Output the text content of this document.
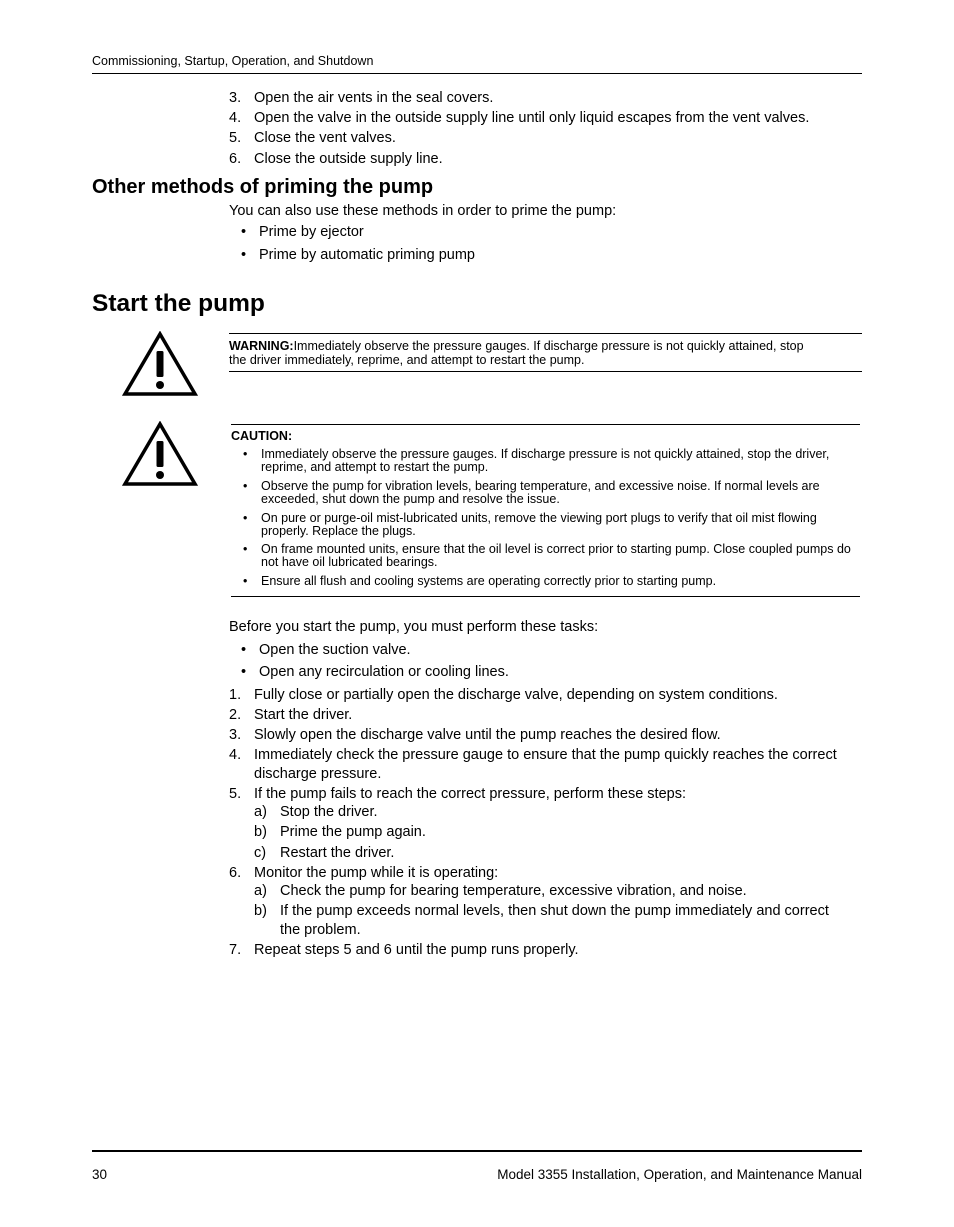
Commissioning, Startup, Operation, and Shutdown
3. Open the air vents in the seal covers.
4. Open the valve in the outside supply line until only liquid escapes from the vent valves.
5. Close the vent valves.
6. Close the outside supply line.
Other methods of priming the pump
You can also use these methods in order to prime the pump:
• Prime by ejector
• Prime by automatic priming pump
Start the pump
WARNING:Immediately observe the pressure gauges. If discharge pressure is not quickly attained, stop
the driver immediately, reprime, and attempt to restart the pump.
CAUTION:
• Immediately observe the pressure gauges. If discharge pressure is not quickly attained, stop the driver, reprime, and attempt to restart the pump.
• Observe the pump for vibration levels, bearing temperature, and excessive noise. If normal levels are exceeded, shut down the pump and resolve the issue.
• On pure or purge-oil mist-lubricated units, remove the viewing port plugs to verify that oil mist flowing properly. Replace the plugs.
• On frame mounted units, ensure that the oil level is correct prior to starting pump. Close coupled pumps do not have oil lubricated bearings.
• Ensure all flush and cooling systems are operating correctly prior to starting pump.
Before you start the pump, you must perform these tasks:
• Open the suction valve.
• Open any recirculation or cooling lines.
1. Fully close or partially open the discharge valve, depending on system conditions.
2. Start the driver.
3. Slowly open the discharge valve until the pump reaches the desired flow.
4. Immediately check the pressure gauge to ensure that the pump quickly reaches the correct
discharge pressure.
5. If the pump fails to reach the correct pressure, perform these steps:
a) Stop the driver.
b) Prime the pump again.
c) Restart the driver.
6. Monitor the pump while it is operating:
a) Check the pump for bearing temperature, excessive vibration, and noise.
b) If the pump exceeds normal levels, then shut down the pump immediately and correct
the problem.
7. Repeat steps 5 and 6 until the pump runs properly.
30	Model 3355 Installation, Operation, and Maintenance Manual
